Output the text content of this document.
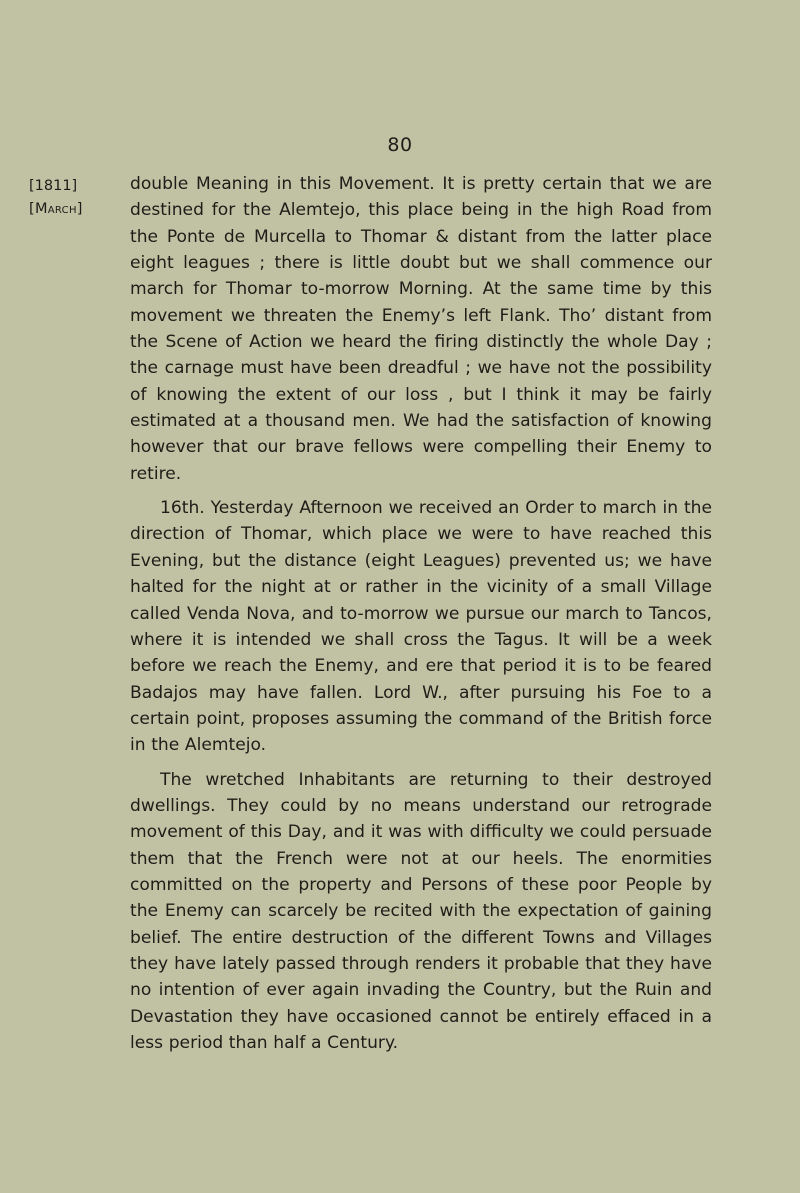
80
[1811]
[March]

double Meaning in this Movement. It is pretty certain that we are destined for the Alemtejo, this place being in the high Road from the Ponte de Murcella to Thomar & distant from the latter place eight leagues ; there is little doubt but we shall commence our march for Thomar to-morrow Morning. At the same time by this movement we threaten the Enemy’s left Flank. Tho’ distant from the Scene of Action we heard the firing distinctly the whole Day ; the carnage must have been dreadful ; we have not the possibility of knowing the extent of our loss , but I think it may be fairly estimated at a thousand men. We had the satisfaction of knowing however that our brave fellows were compelling their Enemy to retire.

16th. Yesterday Afternoon we received an Order to march in the direction of Thomar, which place we were to have reached this Evening, but the distance (eight Leagues) prevented us; we have halted for the night at or rather in the vicinity of a small Village called Venda Nova, and to-morrow we pursue our march to Tancos, where it is intended we shall cross the Tagus. It will be a week before we reach the Enemy, and ere that period it is to be feared Badajos may have fallen. Lord W., after pursuing his Foe to a certain point, proposes assuming the command of the British force in the Alemtejo.

The wretched Inhabitants are returning to their destroyed dwellings. They could by no means understand our retrograde movement of this Day, and it was with difficulty we could persuade them that the French were not at our heels. The enormities committed on the property and Persons of these poor People by the Enemy can scarcely be recited with the expectation of gaining belief. The entire destruction of the different Towns and Villages they have lately passed through renders it probable that they have no intention of ever again invading the Country, but the Ruin and Devastation they have occasioned cannot be entirely effaced in a less period than half a Century.
